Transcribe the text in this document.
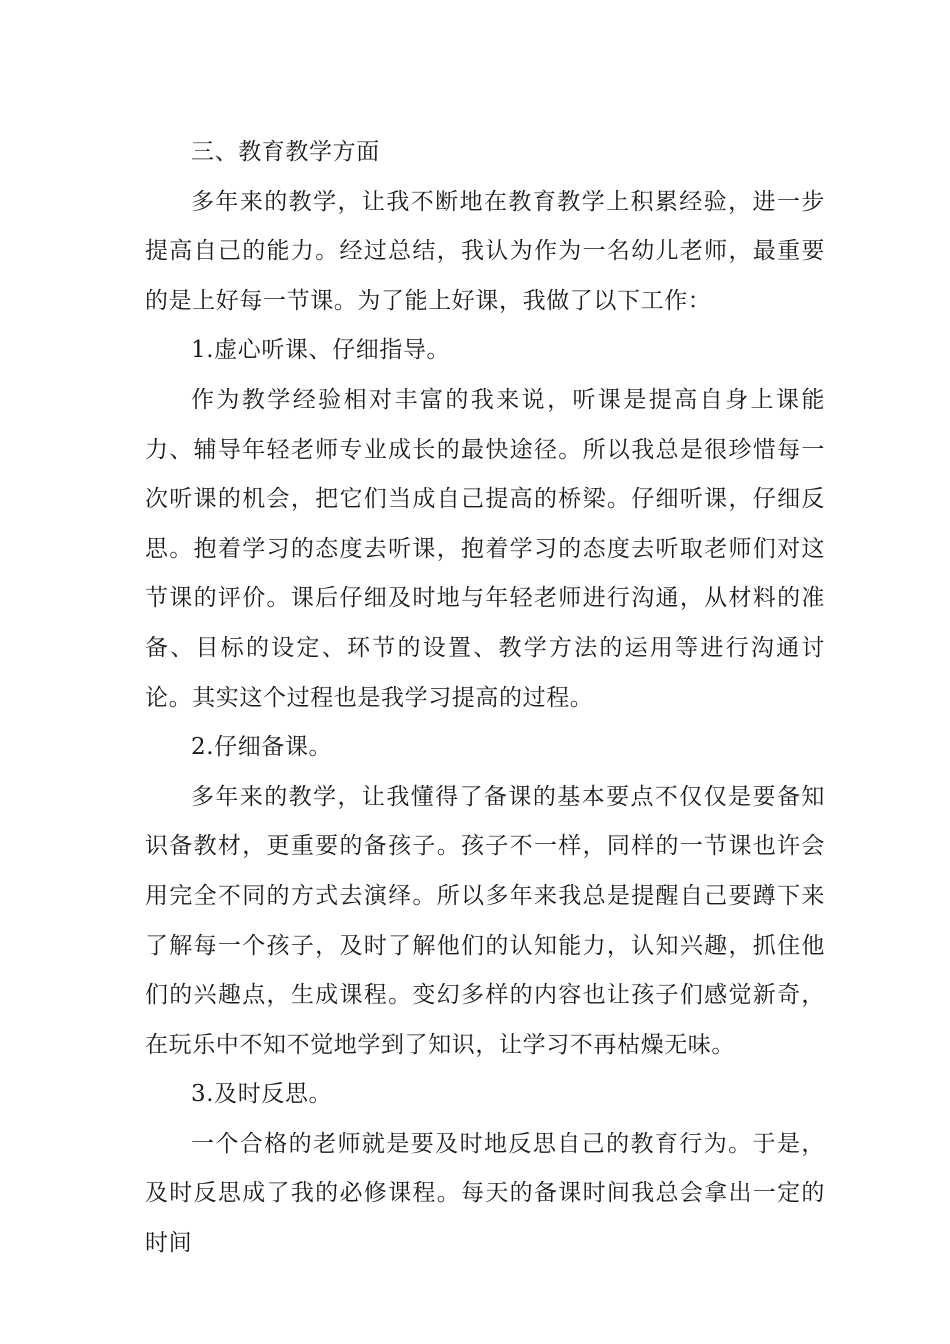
三、教育教学方面

多年来的教学，让我不断地在教育教学上积累经验，进一步提高自己的能力。经过总结，我认为作为一名幼儿老师，最重要的是上好每一节课。为了能上好课，我做了以下工作：

1.虚心听课、仔细指导。

作为教学经验相对丰富的我来说，听课是提高自身上课能力、辅导年轻老师专业成长的最快途径。所以我总是很珍惜每一次听课的机会，把它们当成自己提高的桥梁。仔细听课，仔细反思。抱着学习的态度去听课，抱着学习的态度去听取老师们对这节课的评价。课后仔细及时地与年轻老师进行沟通，从材料的准备、目标的设定、环节的设置、教学方法的运用等进行沟通讨论。其实这个过程也是我学习提高的过程。

2.仔细备课。

多年来的教学，让我懂得了备课的基本要点不仅仅是要备知识备教材，更重要的备孩子。孩子不一样，同样的一节课也许会用完全不同的方式去演绎。所以多年来我总是提醒自己要蹲下来了解每一个孩子，及时了解他们的认知能力，认知兴趣，抓住他们的兴趣点，生成课程。变幻多样的内容也让孩子们感觉新奇，在玩乐中不知不觉地学到了知识，让学习不再枯燥无味。

3.及时反思。

一个合格的老师就是要及时地反思自己的教育行为。于是，及时反思成了我的必修课程。每天的备课时间我总会拿出一定的时间
